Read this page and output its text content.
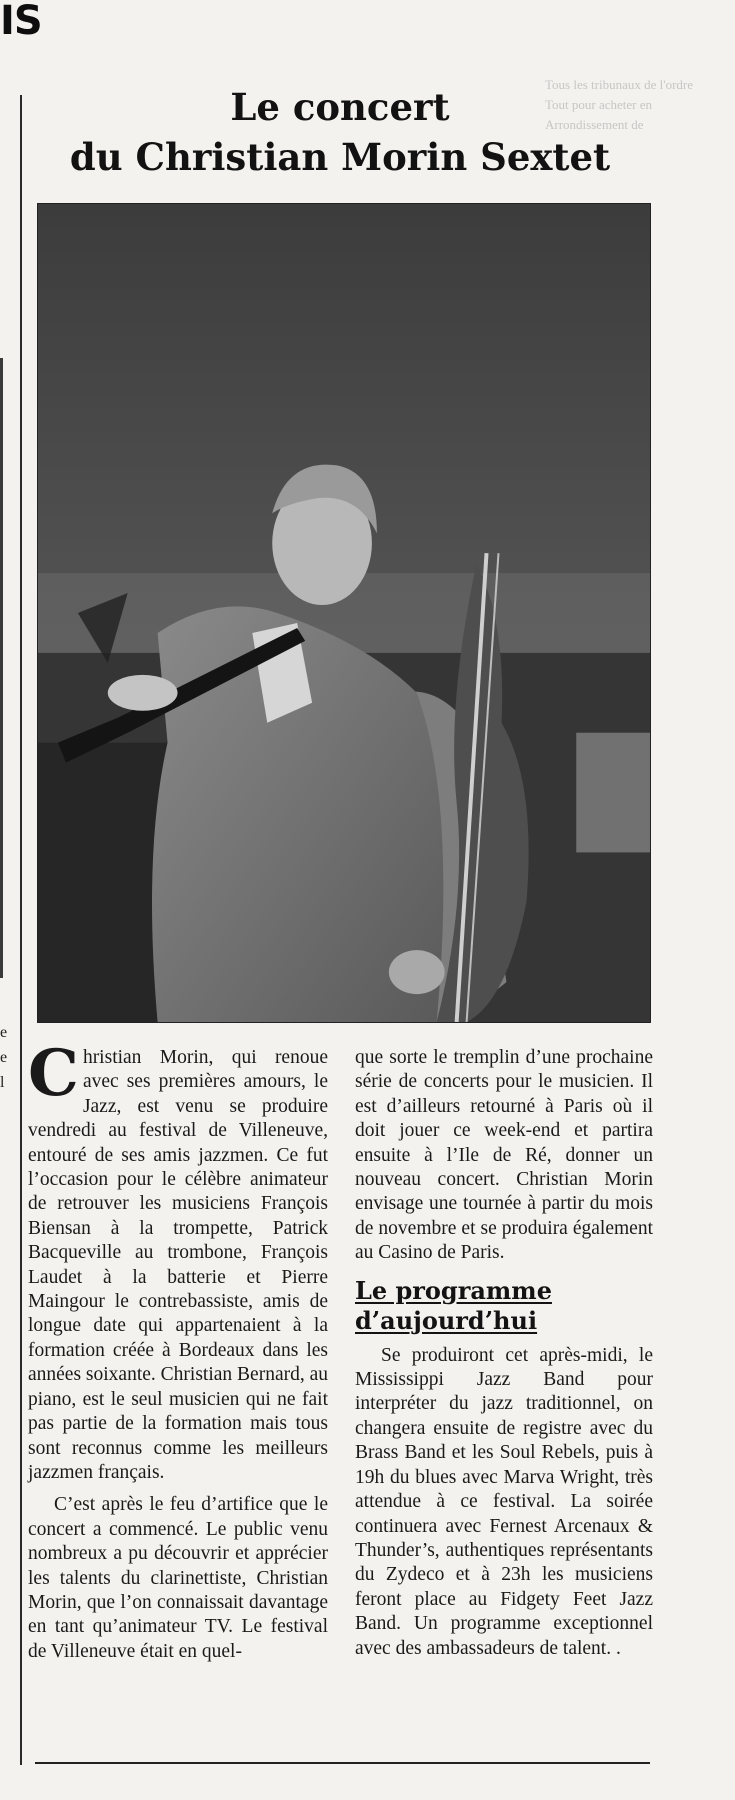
IS
e
e
l
Tous les tribunaux de l'ordre
Tout pour acheter en
Arrondissement de
Le concert
du Christian Morin Sextet

Christian Morin, qui renoue avec ses premières amours, le Jazz, est venu se produire vendredi au festival de Villeneuve, entouré de ses amis jazzmen. Ce fut l’occasion pour le célèbre animateur de retrouver les musiciens François Biensan à la trompette, Patrick Bacqueville au trombone, François Laudet à la batterie et Pierre Maingour le contrebassiste, amis de longue date qui appartenaient à la formation créée à Bordeaux dans les années soixante. Christian Bernard, au piano, est le seul musicien qui ne fait pas partie de la formation mais tous sont reconnus comme les meilleurs jazzmen français.

C’est après le feu d’artifice que le concert a commencé. Le public venu nombreux a pu découvrir et apprécier les talents du clarinettiste, Christian Morin, que l’on connaissait davantage en tant qu’animateur TV. Le festival de Villeneuve était en quel-

que sorte le tremplin d’une prochaine série de concerts pour le musicien. Il est d’ailleurs retourné à Paris où il doit jouer ce week-end et partira ensuite à l’Ile de Ré, donner un nouveau concert. Christian Morin envisage une tournée à partir du mois de novembre et se produira également au Casino de Paris.

Le programme
d’aujourd’hui

Se produiront cet après-midi, le Mississippi Jazz Band pour interpréter du jazz traditionnel, on changera ensuite de registre avec du Brass Band et les Soul Rebels, puis à 19h du blues avec Marva Wright, très attendue à ce festival. La soirée continuera avec Fernest Arcenaux & Thunder’s, authentiques représentants du Zydeco et à 23h les musiciens feront place au Fidgety Feet Jazz Band. Un programme exceptionnel avec des ambassadeurs de talent. .
